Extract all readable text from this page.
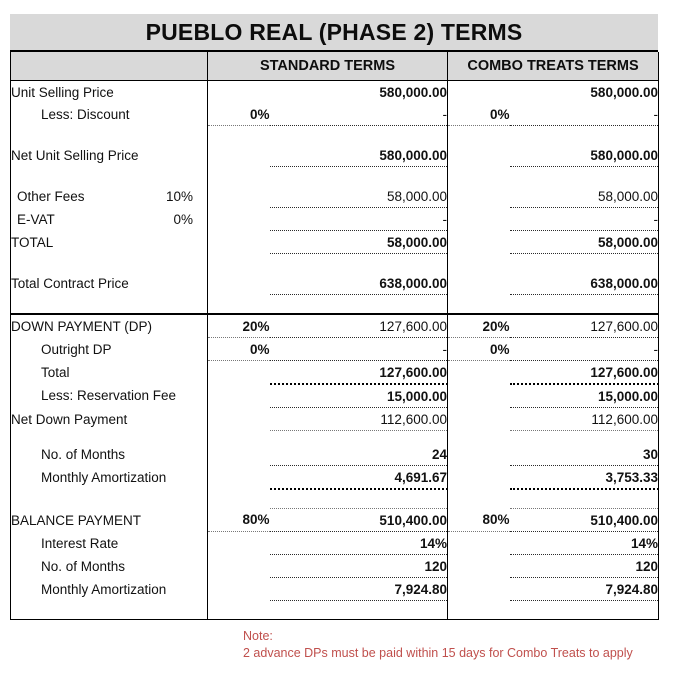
PUEBLO REAL (PHASE 2) TERMS
	STANDARD TERMS		COMBO TREATS TERMS	
Unit Selling Price		580,000.00		580,000.00
Less: Discount	0%	-	0%	-

Net Unit Selling Price		580,000.00		580,000.00

Other Fees 10%		58,000.00		58,000.00

E-VAT 0%		-		-
TOTAL		58,000.00		58,000.00

Total Contract Price		638,000.00		638,000.00

DOWN PAYMENT (DP)	20%	127,600.00	20%	127,600.00
Outright DP	0%	-	0%	-
Total		127,600.00		127,600.00
Less: Reservation Fee		15,000.00		15,000.00
Net Down Payment		112,600.00		112,600.00

No. of Months		24		30
Monthly Amortization		4,691.67		3,753.33

BALANCE PAYMENT	80%	510,400.00	80%	510,400.00
Interest Rate		14%		14%
No. of Months		120		120
Monthly Amortization		7,924.80		7,924.80

Note:
2 advance DPs must be paid within 15 days for Combo Treats to apply
